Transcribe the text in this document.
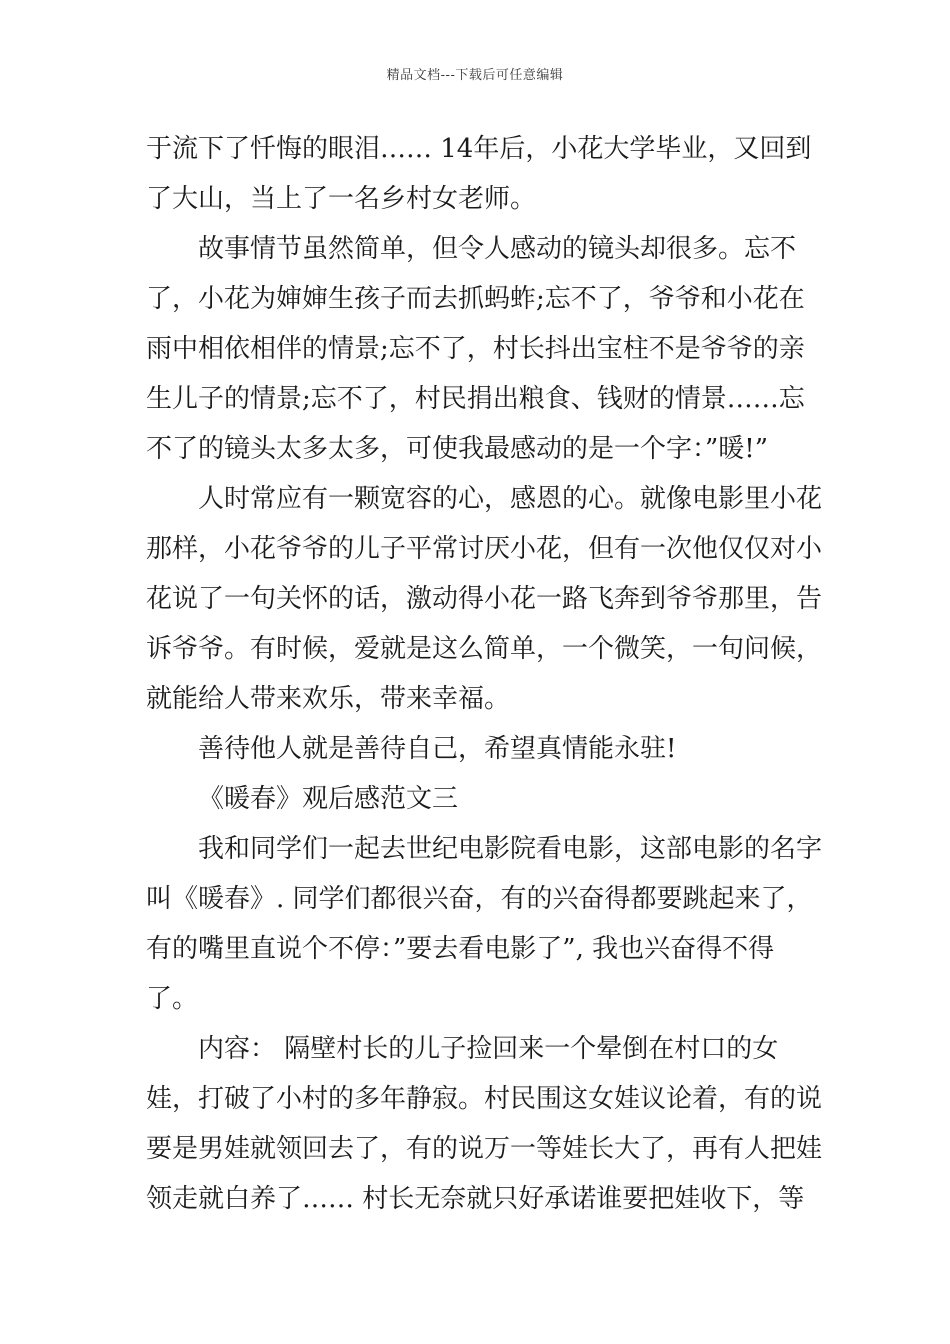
精品文档---下载后可任意编辑

于流下了忏悔的眼泪…… 14年后，小花大学毕业，又回到了大山，当上了一名乡村女老师。

故事情节虽然简单，但令人感动的镜头却很多。忘不了，小花为婶婶生孩子而去抓蚂蚱;忘不了，爷爷和小花在雨中相依相伴的情景;忘不了，村长抖出宝柱不是爷爷的亲生儿子的情景;忘不了，村民捐出粮食、钱财的情景……忘不了的镜头太多太多，可使我最感动的是一个字：”暖!”

人时常应有一颗宽容的心，感恩的心。就像电影里小花那样，小花爷爷的儿子平常讨厌小花，但有一次他仅仅对小花说了一句关怀的话，激动得小花一路飞奔到爷爷那里，告诉爷爷。有时候，爱就是这么简单，一个微笑，一句问候，就能给人带来欢乐，带来幸福。

善待他人就是善待自己，希望真情能永驻!

《暖春》观后感范文三

我和同学们一起去世纪电影院看电影，这部电影的名字叫《暖春》. 同学们都很兴奋，有的兴奋得都要跳起来了，有的嘴里直说个不停：”要去看电影了”, 我也兴奋得不得了。

内容： 隔壁村长的儿子捡回来一个晕倒在村口的女娃，打破了小村的多年静寂。村民围这女娃议论着，有的说要是男娃就领回去了，有的说万一等娃长大了，再有人把娃领走就白养了…… 村长无奈就只好承诺谁要把娃收下，等
